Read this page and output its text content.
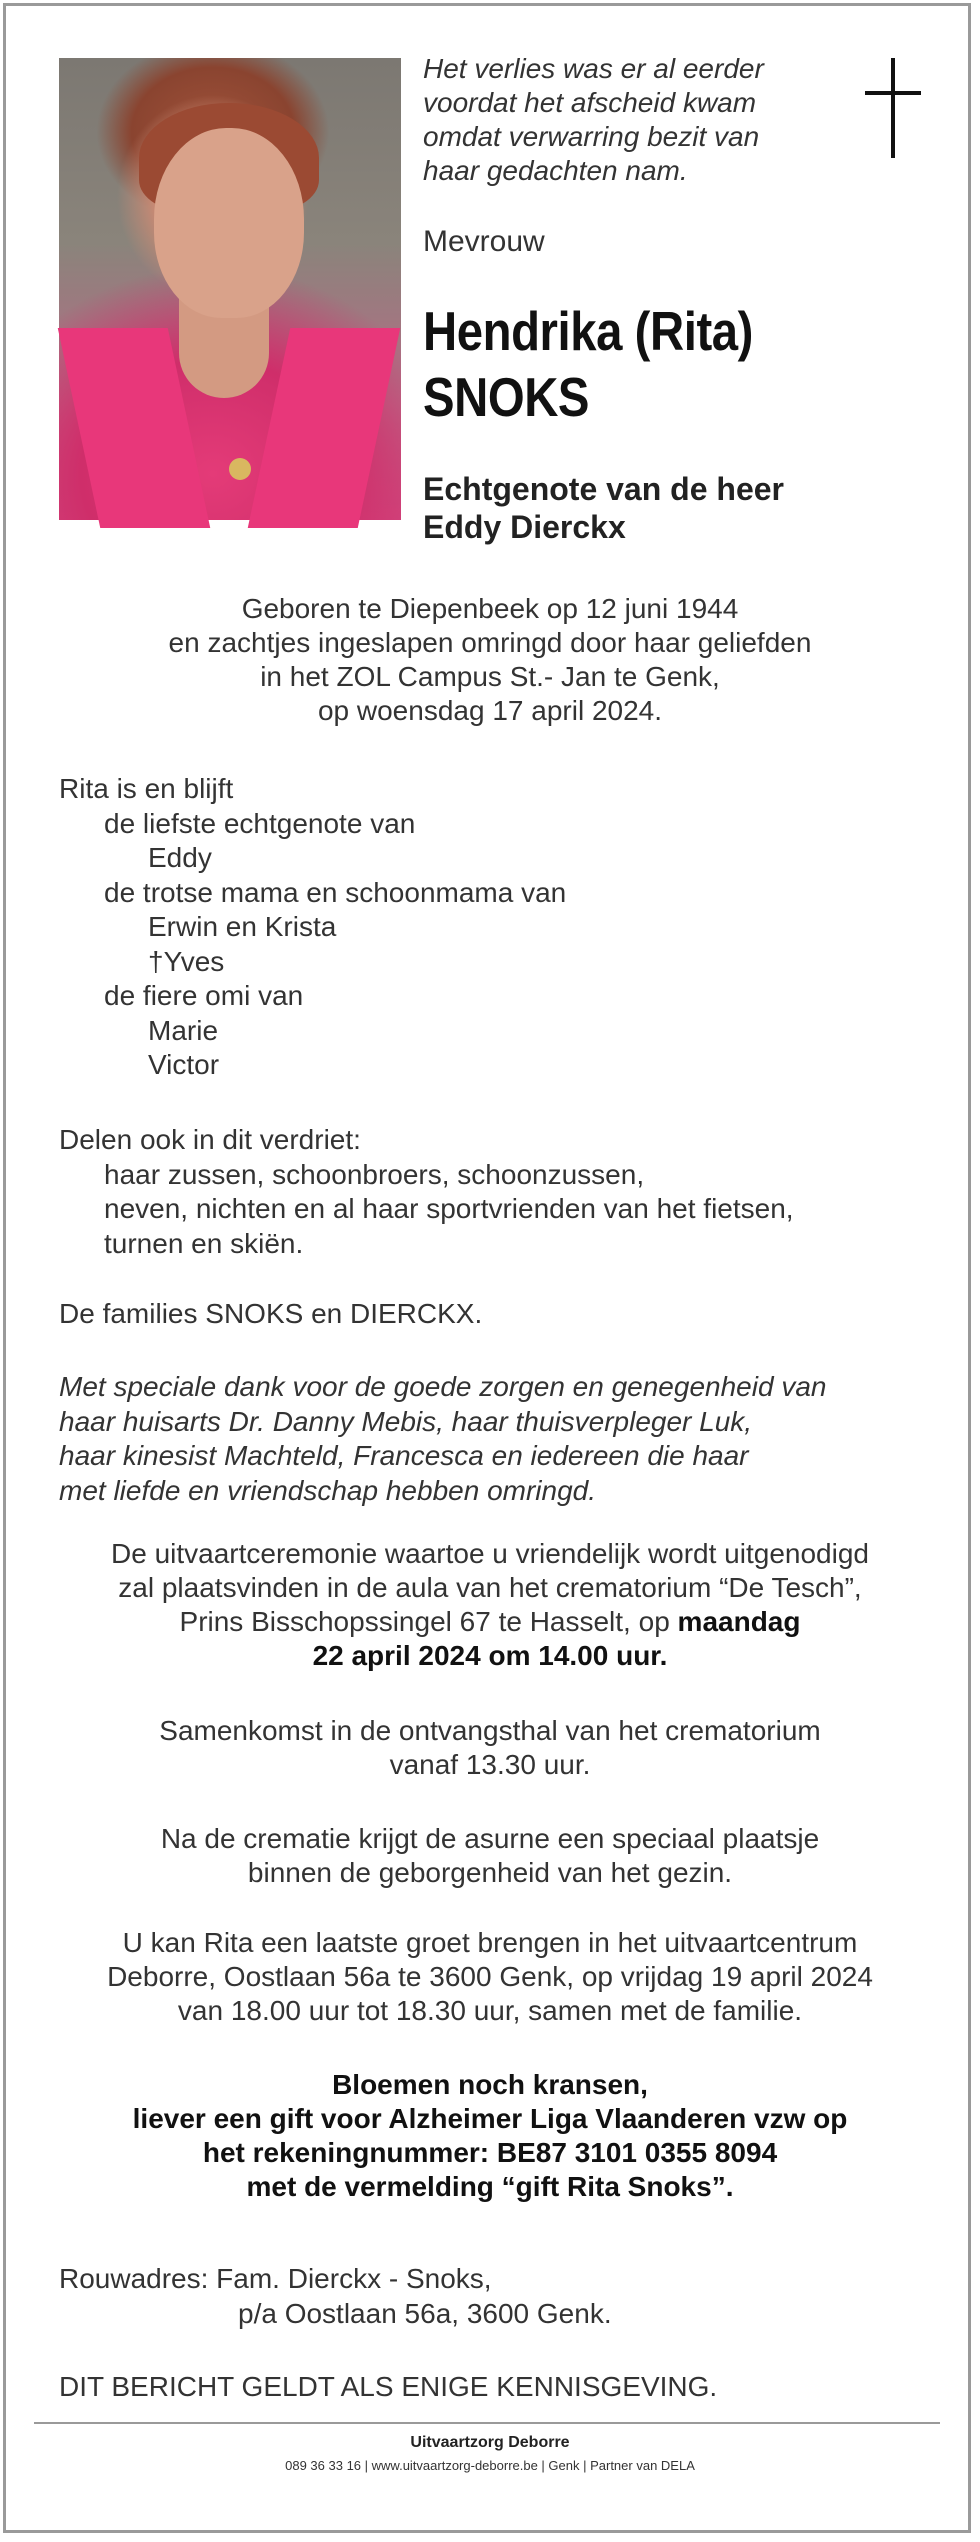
Het verlies was er al eerder
voordat het afscheid kwam
omdat verwarring bezit van
haar gedachten nam.
Mevrouw
Hendrika (Rita)
SNOKS
Echtgenote van de heer
Eddy Dierckx
Geboren te Diepenbeek op 12 juni 1944
en zachtjes ingeslapen omringd door haar geliefden
in het ZOL Campus St.- Jan te Genk,
op woensdag 17 april 2024.
Rita is en blijft
de liefste echtgenote van
Eddy
de trotse mama en schoonmama van
Erwin en Krista
†Yves
de fiere omi van
Marie
Victor
Delen ook in dit verdriet:
haar zussen, schoonbroers, schoonzussen,
neven, nichten en al haar sportvrienden van het fietsen,
turnen en skiën.
De families SNOKS en DIERCKX.
Met speciale dank voor de goede zorgen en genegenheid van
haar huisarts Dr. Danny Mebis, haar thuisverpleger Luk,
haar kinesist Machteld, Francesca en iedereen die haar
met liefde en vriendschap hebben omringd.
De uitvaartceremonie waartoe u vriendelijk wordt uitgenodigd
zal plaatsvinden in de aula van het crematorium “De Tesch”,
Prins Bisschopssingel 67 te Hasselt, op maandag
22 april 2024 om 14.00 uur.
Samenkomst in de ontvangsthal van het crematorium
vanaf 13.30 uur.
Na de crematie krijgt de asurne een speciaal plaatsje
binnen de geborgenheid van het gezin.
U kan Rita een laatste groet brengen in het uitvaartcentrum
Deborre, Oostlaan 56a te 3600 Genk, op vrijdag 19 april 2024
van 18.00 uur tot 18.30 uur, samen met de familie.
Bloemen noch kransen,
liever een gift voor Alzheimer Liga Vlaanderen vzw op
het rekeningnummer: BE87 3101 0355 8094
met de vermelding “gift Rita Snoks”.
Rouwadres: Fam. Dierckx - Snoks,
p/a Oostlaan 56a, 3600 Genk.
DIT BERICHT GELDT ALS ENIGE KENNISGEVING.
Uitvaartzorg Deborre
089 36 33 16 | www.uitvaartzorg-deborre.be | Genk | Partner van DELA
